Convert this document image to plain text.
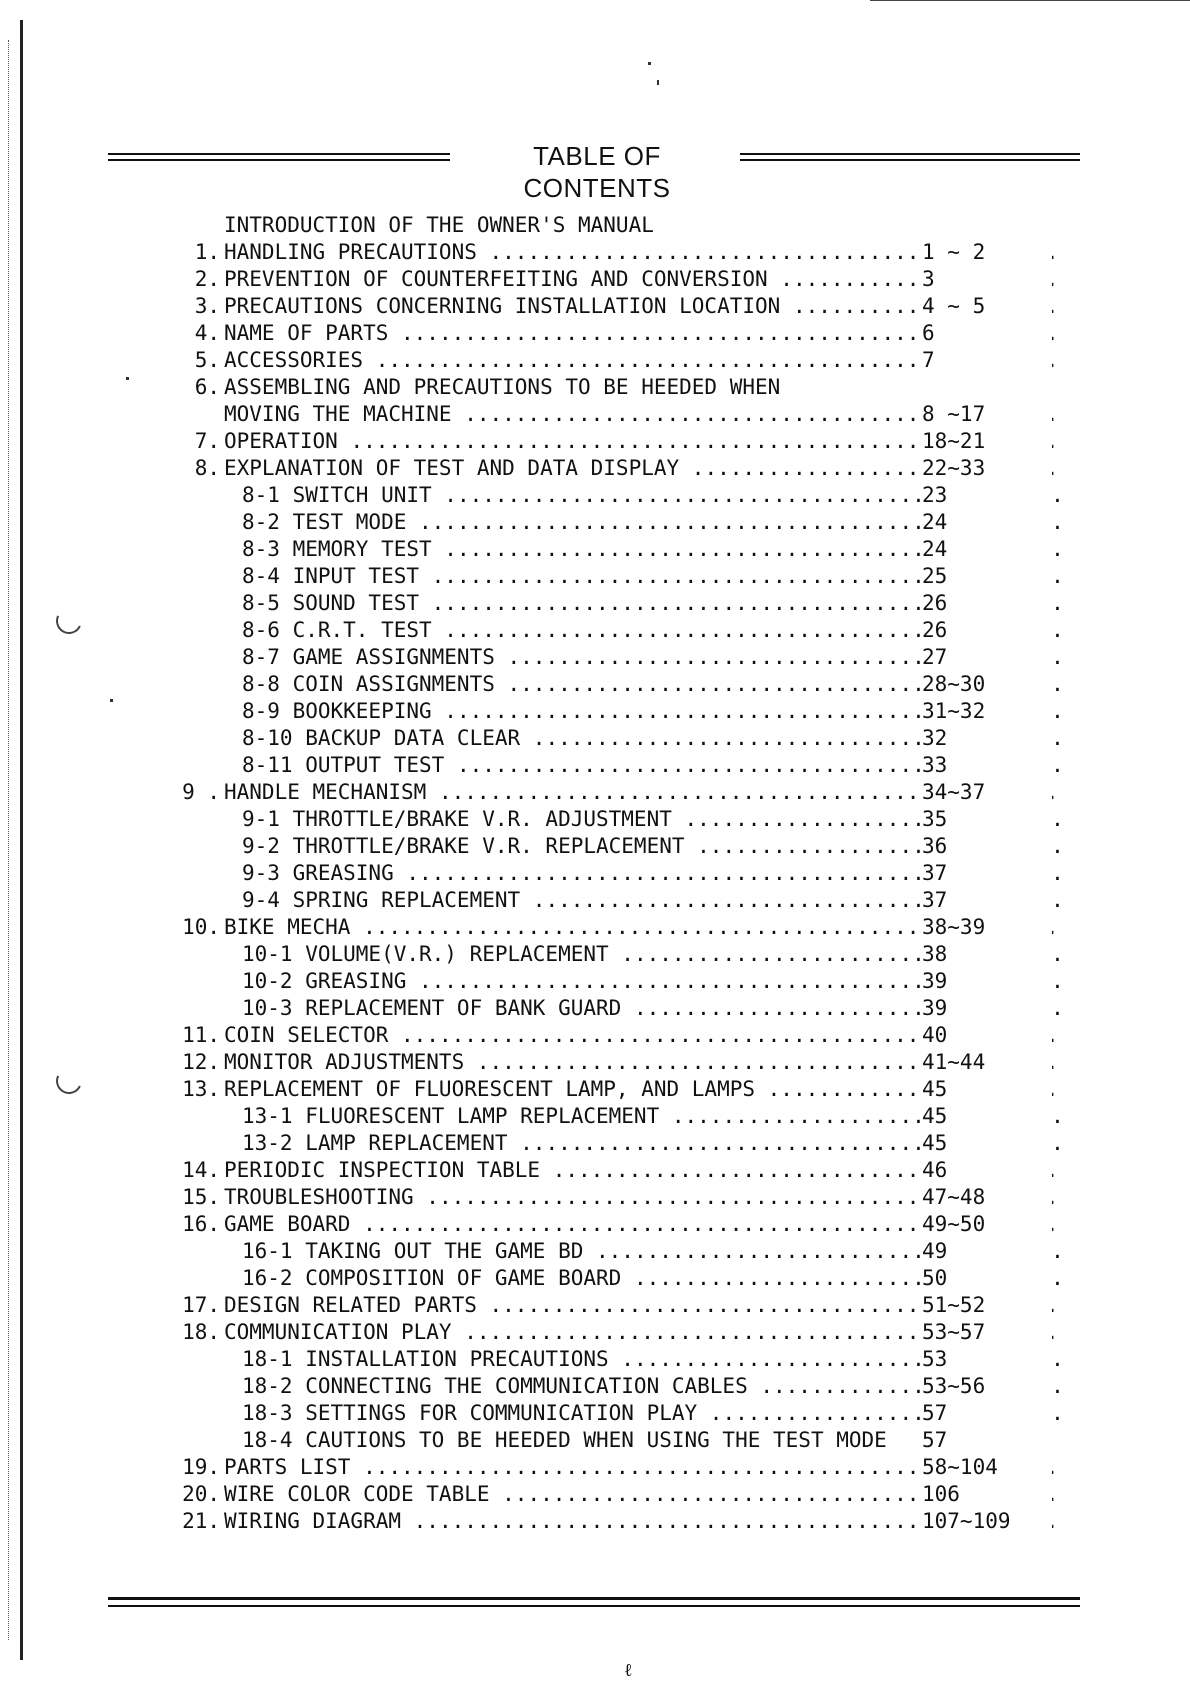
TABLE OF CONTENTS
INTRODUCTION OF THE OWNER'S MANUAL
1. HANDLING PRECAUTIONS .....	1 ~ 2
2. PREVENTION OF COUNTERFEITING AND CONVERSION .....	3
3. PRECAUTIONS CONCERNING INSTALLATION LOCATION .....	4 ~ 5
4. NAME OF PARTS .....	6
5. ACCESSORIES .....	7
6. ASSEMBLING AND PRECAUTIONS TO BE HEEDED WHEN
MOVING THE MACHINE .....	8 ~17
7. OPERATION .....	18~21
8. EXPLANATION OF TEST AND DATA DISPLAY .....	22~33
8-1 SWITCH UNIT .....	23
8-2 TEST MODE .....	24
8-3 MEMORY TEST .....	24
8-4 INPUT TEST .....	25
8-5 SOUND TEST .....	26
8-6 C.R.T. TEST .....	26
8-7 GAME ASSIGNMENTS .....	27
8-8 COIN ASSIGNMENTS .....	28~30
8-9 BOOKKEEPING .....	31~32
8-10 BACKUP DATA CLEAR .....	32
8-11 OUTPUT TEST .....	33
9 . HANDLE MECHANISM .....	34~37
9-1 THROTTLE/BRAKE V.R. ADJUSTMENT .....	35
9-2 THROTTLE/BRAKE V.R. REPLACEMENT .....	36
9-3 GREASING .....	37
9-4 SPRING REPLACEMENT .....	37
10. BIKE MECHA .....	38~39
10-1 VOLUME(V.R.) REPLACEMENT .....	38
10-2 GREASING .....	39
10-3 REPLACEMENT OF BANK GUARD .....	39
11. COIN SELECTOR .....	40
12. MONITOR ADJUSTMENTS .....	41~44
13. REPLACEMENT OF FLUORESCENT LAMP, AND LAMPS .....	45
13-1 FLUORESCENT LAMP REPLACEMENT .....	45
13-2 LAMP REPLACEMENT .....	45
14. PERIODIC INSPECTION TABLE .....	46
15. TROUBLESHOOTING .....	47~48
16. GAME BOARD .....	49~50
16-1 TAKING OUT THE GAME BD .....	49
16-2 COMPOSITION OF GAME BOARD .....	50
17. DESIGN RELATED PARTS .....	51~52
18. COMMUNICATION PLAY .....	53~57
18-1 INSTALLATION PRECAUTIONS .....	53
18-2 CONNECTING THE COMMUNICATION CABLES .....	53~56
18-3 SETTINGS FOR COMMUNICATION PLAY .....	57
18-4 CAUTIONS TO BE HEEDED WHEN USING THE TEST MODE	57
19. PARTS LIST .....	58~104
20. WIRE COLOR CODE TABLE .....	106
21. WIRING DIAGRAM .....	107~109
ℓ
